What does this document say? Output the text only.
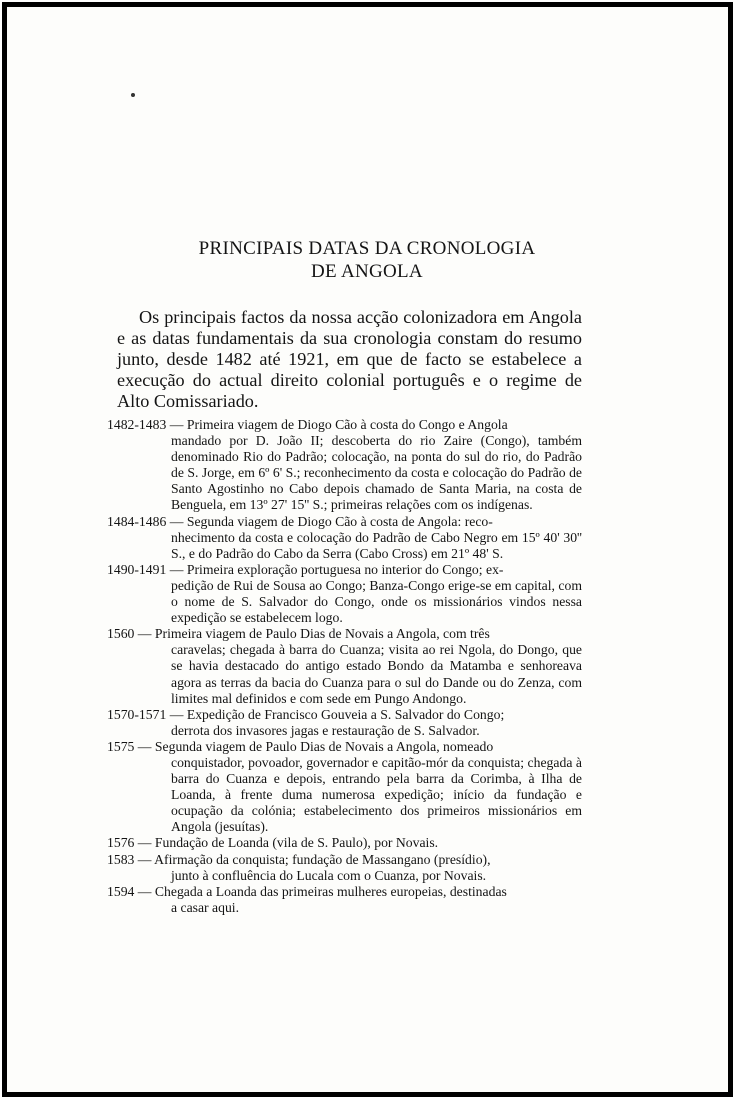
PRINCIPAIS DATAS DA CRONOLOGIA
DE ANGOLA

Os principais factos da nossa acção colonizadora em Angola e as datas fundamentais da sua cronologia constam do resumo junto, desde 1482 até 1921, em que de facto se estabelece a execução do actual direito colonial português e o regime de Alto Comissariado.

1482-1483 — Primeira viagem de Diogo Cão à costa do Congo e Angola
mandado por D. João II; descoberta do rio Zaire (Congo), também denominado Rio do Padrão; colocação, na ponta do sul do rio, do Padrão de S. Jorge, em 6º 6' S.; reconhecimento da costa e colocação do Padrão de Santo Agostinho no Cabo depois chamado de Santa Maria, na costa de Benguela, em 13º 27' 15'' S.; primeiras relações com os indígenas.
1484-1486 — Segunda viagem de Diogo Cão à costa de Angola: reco-
nhecimento da costa e colocação do Padrão de Cabo Negro em 15º 40' 30'' S., e do Padrão do Cabo da Serra (Cabo Cross) em 21º 48' S.
1490-1491 — Primeira exploração portuguesa no interior do Congo; ex-
pedição de Rui de Sousa ao Congo; Banza-Congo erige-se em capital, com o nome de S. Salvador do Congo, onde os missionários vindos nessa expedição se estabelecem logo.
1560 — Primeira viagem de Paulo Dias de Novais a Angola, com três
caravelas; chegada à barra do Cuanza; visita ao rei Ngola, do Dongo, que se havia destacado do antigo estado Bondo da Matamba e senhoreava agora as terras da bacia do Cuanza para o sul do Dande ou do Zenza, com limites mal definidos e com sede em Pungo Andongo.
1570-1571 — Expedição de Francisco Gouveia a S. Salvador do Congo;
derrota dos invasores jagas e restauração de S. Salvador.
1575 — Segunda viagem de Paulo Dias de Novais a Angola, nomeado
conquistador, povoador, governador e capitão-mór da conquista; chegada à barra do Cuanza e depois, entrando pela barra da Corimba, à Ilha de Loanda, à frente duma numerosa expedição; início da fundação e ocupação da colónia; estabelecimento dos primeiros missionários em Angola (jesuítas).
1576 — Fundação de Loanda (vila de S. Paulo), por Novais.
1583 — Afirmação da conquista; fundação de Massangano (presídio),
junto à confluência do Lucala com o Cuanza, por Novais.
1594 — Chegada a Loanda das primeiras mulheres europeias, destinadas
a casar aqui.
